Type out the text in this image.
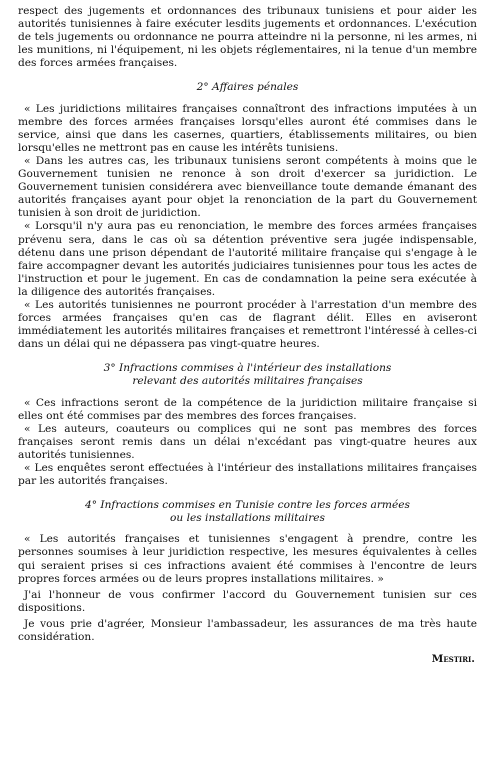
respect des jugements et ordonnances des tribunaux tunisiens et pour aider les autorités tunisiennes à faire exécuter lesdits jugements et ordonnances. L'exécution de tels jugements ou ordonnance ne pourra atteindre ni la personne, ni les armes, ni les munitions, ni l'équipement, ni les objets réglementaires, ni la tenue d'un membre des forces armées françaises.

2° Affaires pénales

« Les juridictions militaires françaises connaîtront des infractions imputées à un membre des forces armées françaises lorsqu'elles auront été commises dans le service, ainsi que dans les casernes, quartiers, établissements militaires, ou bien lorsqu'elles ne mettront pas en cause les intérêts tunisiens.

« Dans les autres cas, les tribunaux tunisiens seront compétents à moins que le Gouvernement tunisien ne renonce à son droit d'exercer sa juridiction. Le Gouvernement tunisien considérera avec bienveillance toute demande émanant des autorités françaises ayant pour objet la renonciation de la part du Gouvernement tunisien à son droit de juridiction.

« Lorsqu'il n'y aura pas eu renonciation, le membre des forces armées françaises prévenu sera, dans le cas où sa détention préventive sera jugée indispensable, détenu dans une prison dépendant de l'autorité militaire française qui s'engage à le faire accompagner devant les autorités judiciaires tunisiennes pour tous les actes de l'instruction et pour le jugement. En cas de condamnation la peine sera exécutée à la diligence des autorités françaises.

« Les autorités tunisiennes ne pourront procéder à l'arrestation d'un membre des forces armées françaises qu'en cas de flagrant délit. Elles en aviseront immédiatement les autorités militaires françaises et remettront l'intéressé à celles-ci dans un délai qui ne dépassera pas vingt-quatre heures.

3° Infractions commises à l'intérieur des installations

relevant des autorités militaires françaises

« Ces infractions seront de la compétence de la juridiction militaire française si elles ont été commises par des membres des forces françaises.

« Les auteurs, coauteurs ou complices qui ne sont pas membres des forces françaises seront remis dans un délai n'excédant pas vingt-quatre heures aux autorités tunisiennes.

« Les enquêtes seront effectuées à l'intérieur des installations militaires françaises par les autorités françaises.

4° Infractions commises en Tunisie contre les forces armées

ou les installations militaires

« Les autorités françaises et tunisiennes s'engagent à prendre, contre les personnes soumises à leur juridiction respective, les mesures équivalentes à celles qui seraient prises si ces infractions avaient été commises à l'encontre de leurs propres forces armées ou de leurs propres installations militaires. »

J'ai l'honneur de vous confirmer l'accord du Gouvernement tunisien sur ces dispositions.

Je vous prie d'agréer, Monsieur l'ambassadeur, les assurances de ma très haute considération.

Mestiri.
